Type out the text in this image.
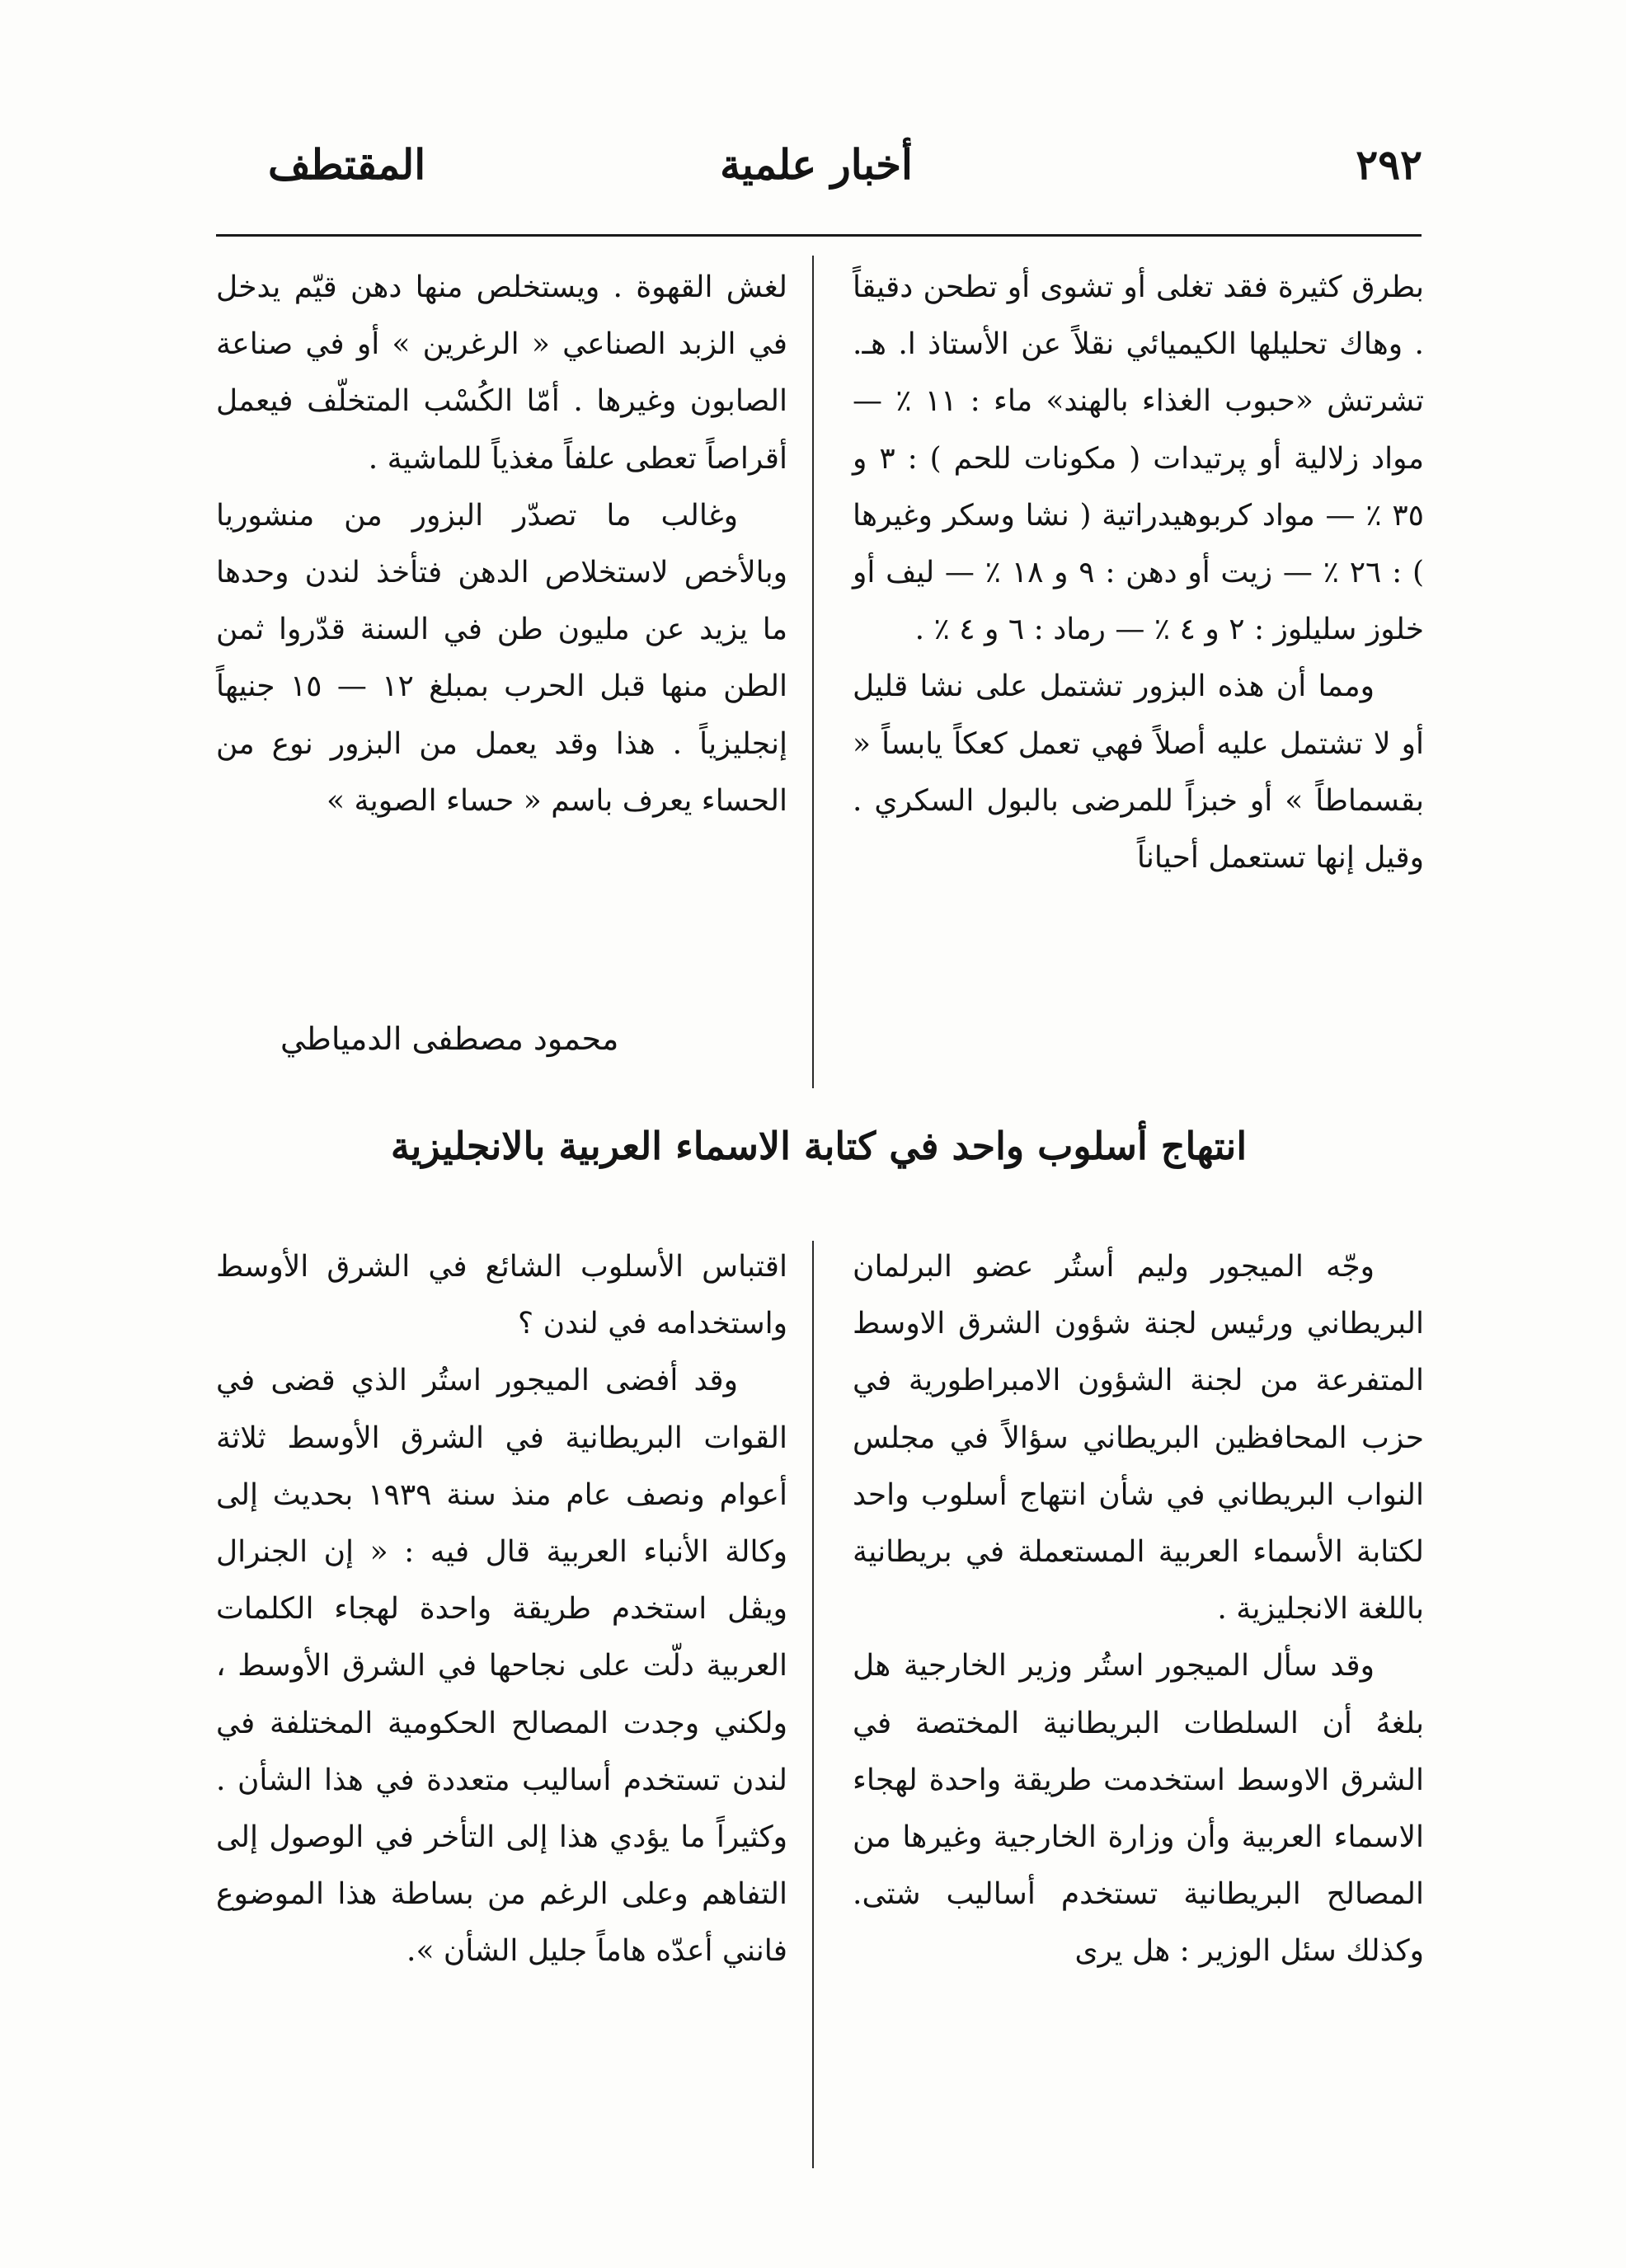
٢٩٢
أخبار علمية
المقتطف

بطرق كثيرة فقد تغلى أو تشوى أو تطحن دقيقاً . وهاك تحليلها الكيميائي نقلاً عن الأستاذ ا. هـ. تشرتش «حبوب الغذاء بالهند» ماء : ١١ ٪ — مواد زلالية أو پرتيدات ( مكونات للحم ) : ٣ و ٣٥ ٪ — مواد كربوهيدراتية ( نشا وسكر وغيرها ) : ٢٦ ٪ — زيت أو دهن : ٩ و ١٨ ٪ — ليف أو خلوز سليلوز : ٢ و ٤ ٪ — رماد : ٦ و ٤ ٪ .

ومما أن هذه البزور تشتمل على نشا قليل أو لا تشتمل عليه أصلاً فهي تعمل كعكاً يابساً « بقسماطاً » أو خبزاً للمرضى بالبول السكري . وقيل إنها تستعمل أحياناً

لغش القهوة . ويستخلص منها دهن قيّم يدخل في الزبد الصناعي « الرغرين » أو في صناعة الصابون وغيرها . أمّا الكُسْب المتخلّف فيعمل أقراصاً تعطى علفاً مغذياً للماشية .

وغالب ما تصدّر البزور من منشوريا وبالأخص لاستخلاص الدهن فتأخذ لندن وحدها ما يزيد عن مليون طن في السنة قدّروا ثمن الطن منها قبل الحرب بمبلغ ١٢ — ١٥ جنيهاً إنجليزياً . هذا وقد يعمل من البزور نوع من الحساء يعرف باسم « حساء الصوية »

محمود مصطفى الدمياطي
انتهاج أسلوب واحد في كتابة الاسماء العربية بالانجليزية

وجّه الميجور وليم أستُر عضو البرلمان البريطاني ورئيس لجنة شؤون الشرق الاوسط المتفرعة من لجنة الشؤون الامبراطورية في حزب المحافظين البريطاني سؤالاً في مجلس النواب البريطاني في شأن انتهاج أسلوب واحد لكتابة الأسماء العربية المستعملة في بريطانية باللغة الانجليزية .

وقد سأل الميجور استُر وزير الخارجية هل بلغهُ أن السلطات البريطانية المختصة في الشرق الاوسط استخدمت طريقة واحدة لهجاء الاسماء العربية وأن وزارة الخارجية وغيرها من المصالح البريطانية تستخدم أساليب شتى. وكذلك سئل الوزير : هل يرى

اقتباس الأسلوب الشائع في الشرق الأوسط واستخدامه في لندن ؟

وقد أفضى الميجور استُر الذي قضى في القوات البريطانية في الشرق الأوسط ثلاثة أعوام ونصف عام منذ سنة ١٩٣٩ بحديث إلى وكالة الأنباء العربية قال فيه : « إن الجنرال ويڤل استخدم طريقة واحدة لهجاء الكلمات العربية دلّت على نجاحها في الشرق الأوسط ، ولكني وجدت المصالح الحكومية المختلفة في لندن تستخدم أساليب متعددة في هذا الشأن . وكثيراً ما يؤدي هذا إلى التأخر في الوصول إلى التفاهم وعلى الرغم من بساطة هذا الموضوع فانني أعدّه هاماً جليل الشأن ».
